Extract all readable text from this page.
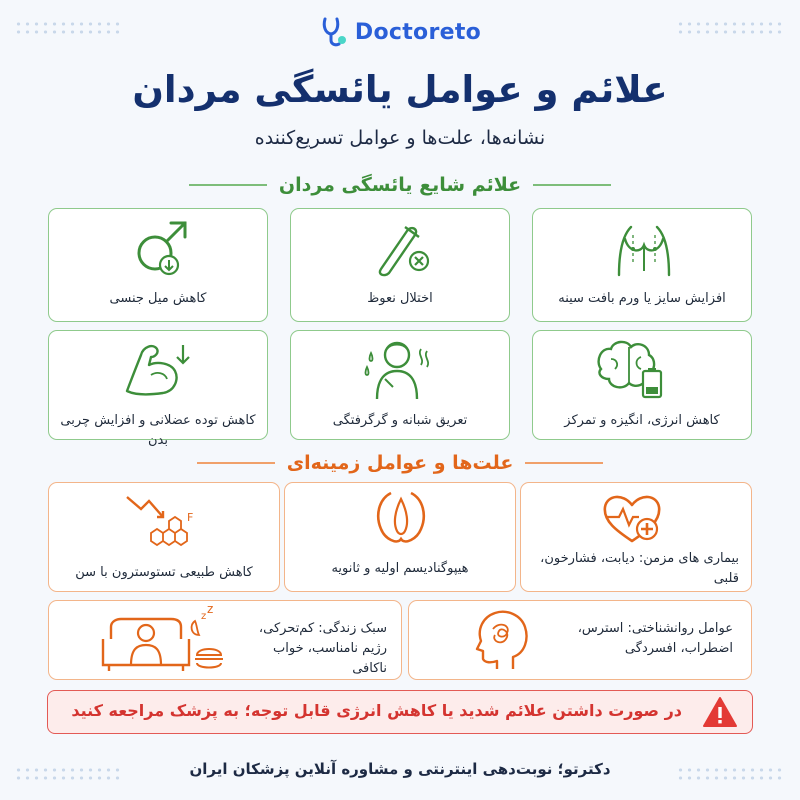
Doctoreto
علائم و عوامل یائسگی مردان
نشانه‌ها، علت‌ها و عوامل تسریع‌کننده
علائم شایع یائسگی مردان
افزایش سایز یا ورم بافت سینه
اختلال نعوظ
کاهش میل جنسی
کاهش انرژی، انگیزه و تمرکز
تعریق شبانه و گرگرفتگی
کاهش توده عضلانی و افزایش چربی بدن
علت‌ها و عوامل زمینه‌ای
بیماری های مزمن: دیابت، فشارخون، قلبی
هیپوگنادیسم اولیه و ثانویه
F
کاهش طبیعی تستوسترون با سن
عوامل روانشناختی: استرس، اضطراب، افسردگی
z
z
سبک زندگی: کم‌تحرکی، رژیم نامناسب، خواب ناکافی
در صورت داشتن علائم شدید یا کاهش انرژی قابل توجه؛ به پزشک مراجعه کنید
دکترتو؛ نوبت‌دهی اینترنتی و مشاوره آنلاین پزشکان ایران
